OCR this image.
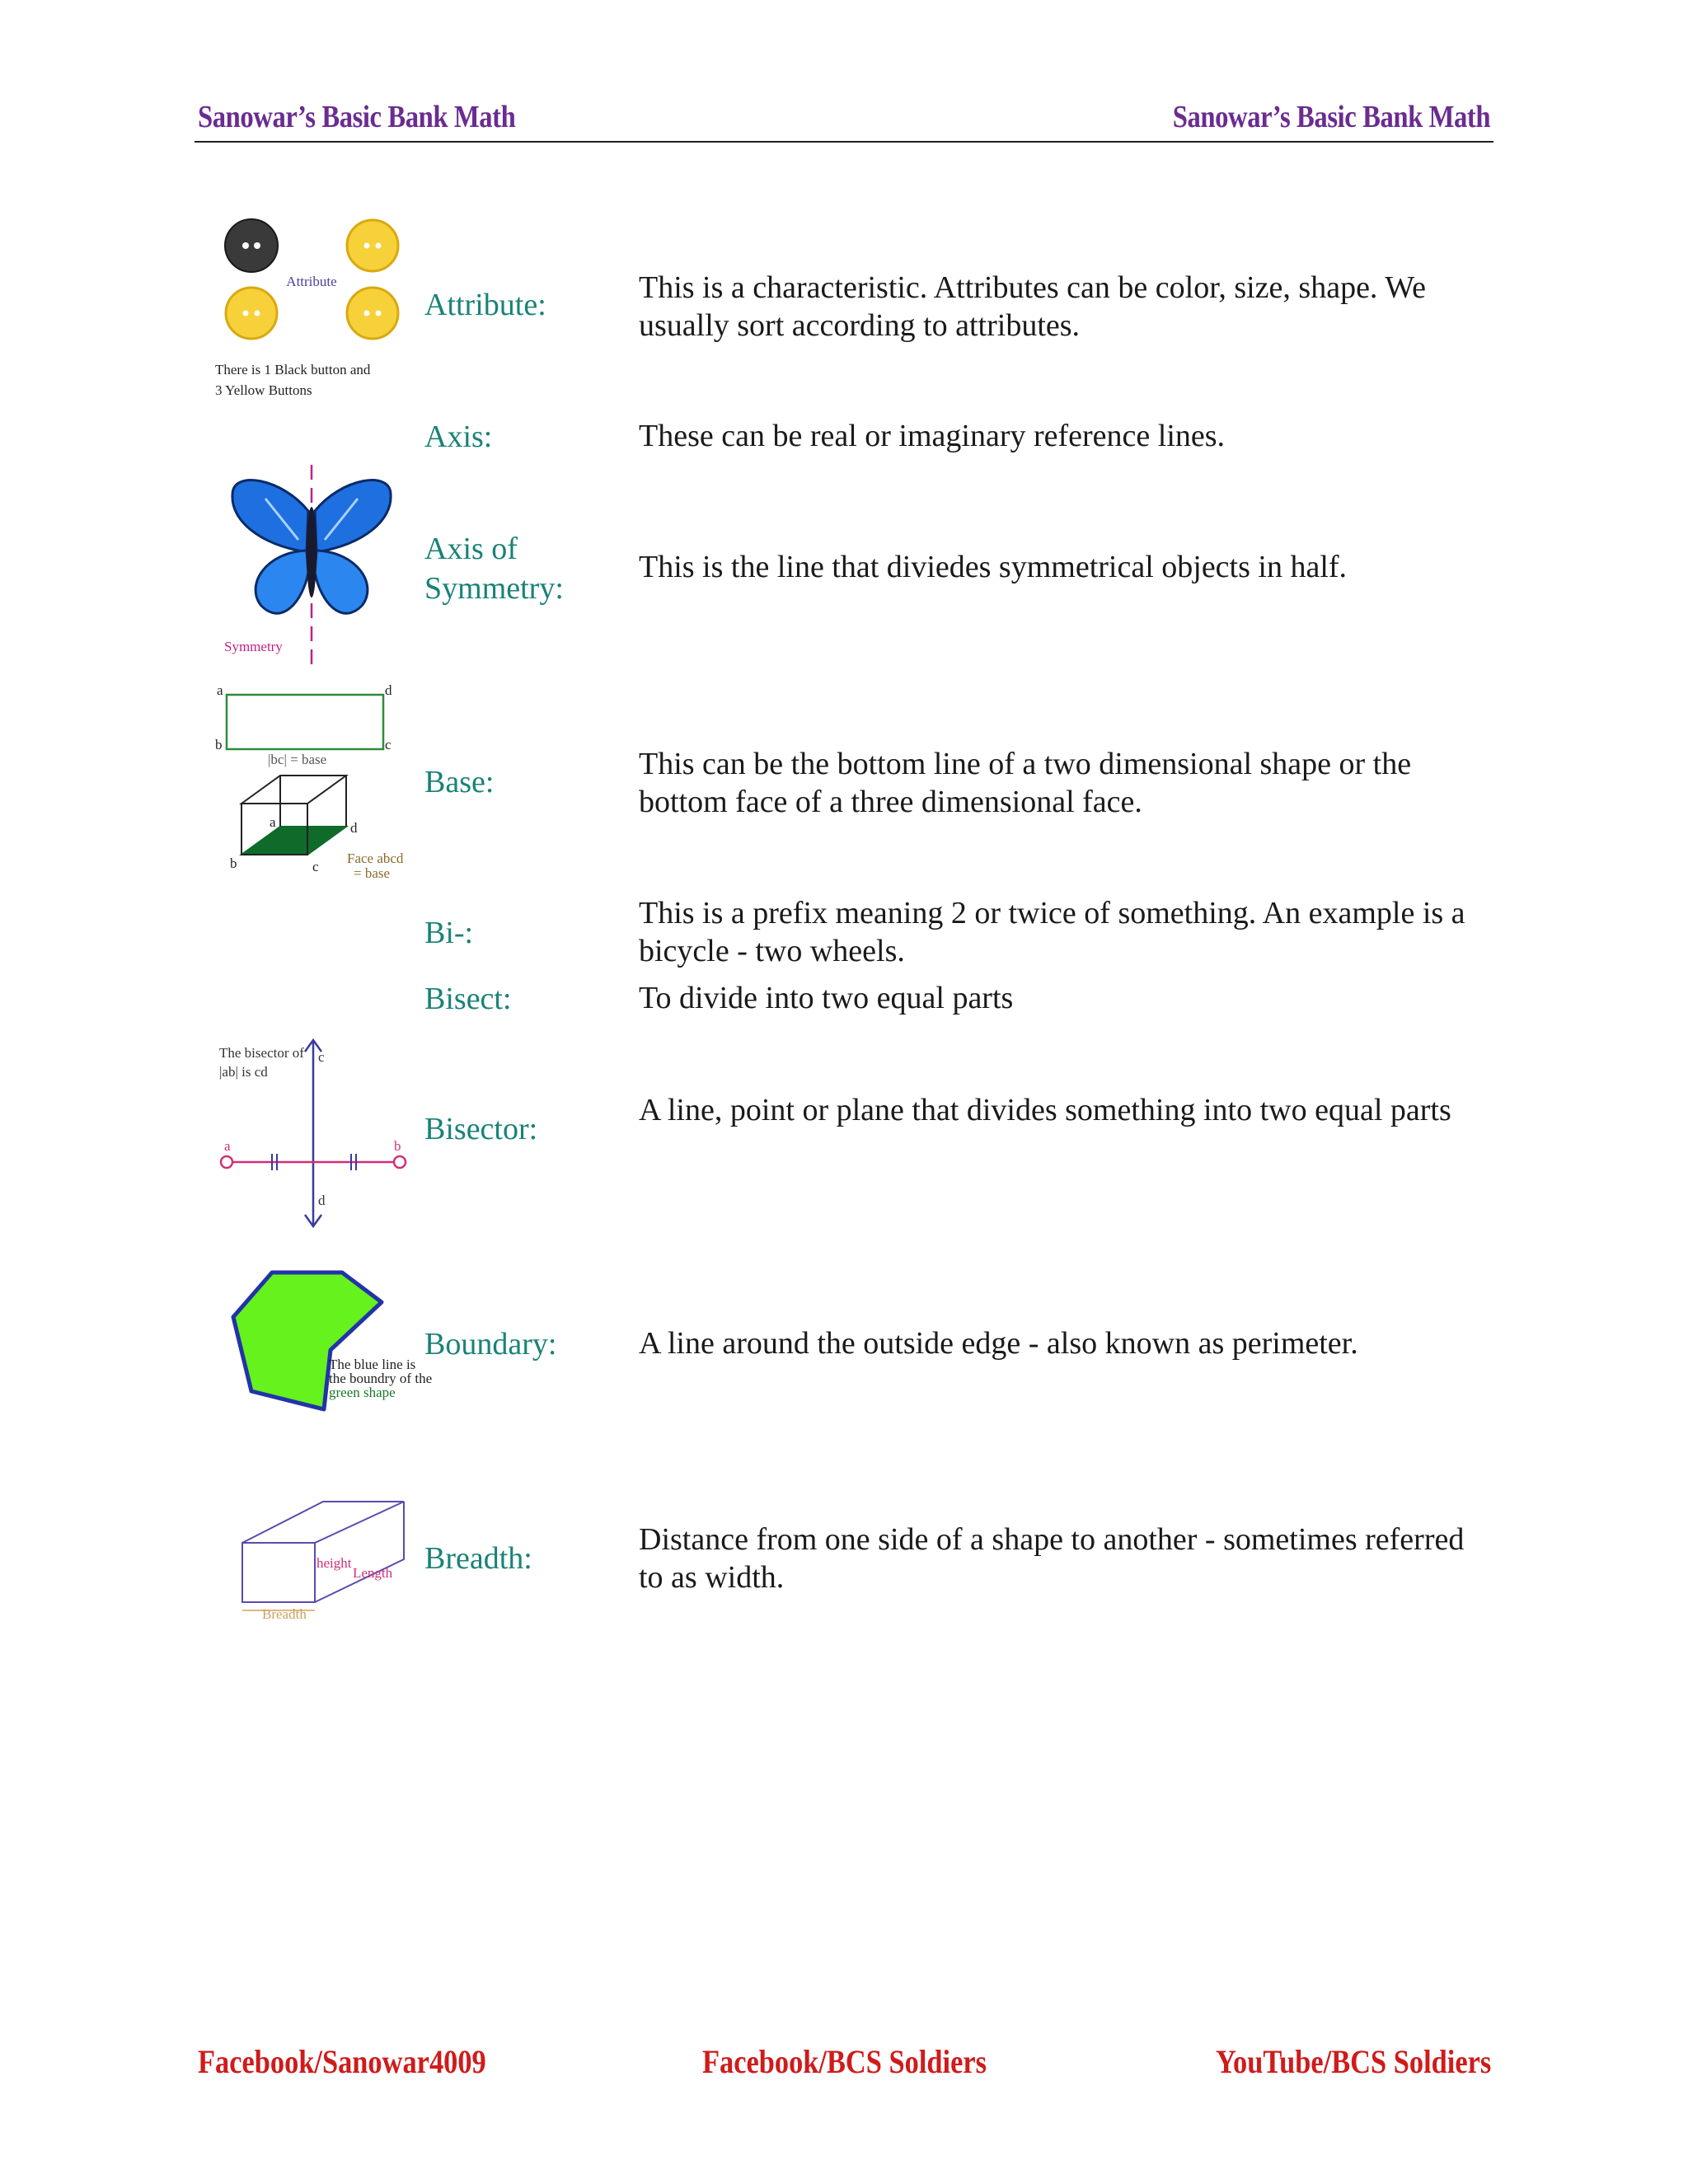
Sanowar’s Basic Bank Math	Sanowar’s Basic Bank Math
Attribute
There is 1 Black button and
3 Yellow Buttons
Attribute:	This is a characteristic. Attributes can be color, size, shape. We usually sort according to attributes.
Axis:	These can be real or imaginary reference lines.
Symmetry
Axis of Symmetry:
This is the line that diviedes symmetrical objects in half.
a	d
b	c
|bc| = base
a	d
b	c
Face abcd
= base
Base:
This can be the bottom line of a two dimensional shape or the bottom face of a three dimensional face.
Bi-:
This is a prefix meaning 2 or twice of something. An example is a bicycle - two wheels.
Bisect:	To divide into two equal parts
The bisector of
|ab| is cd
a	b
c
d
Bisector:
A line, point or plane that divides something into two equal parts
The blue line is
the boundry of the
green shape
Boundary:	A line around the outside edge - also known as perimeter.
height
Length
Breadth
Breadth:
Distance from one side of a shape to another - sometimes referred to as width.
Facebook/Sanowar4009	Facebook/BCS Soldiers	YouTube/BCS Soldiers
